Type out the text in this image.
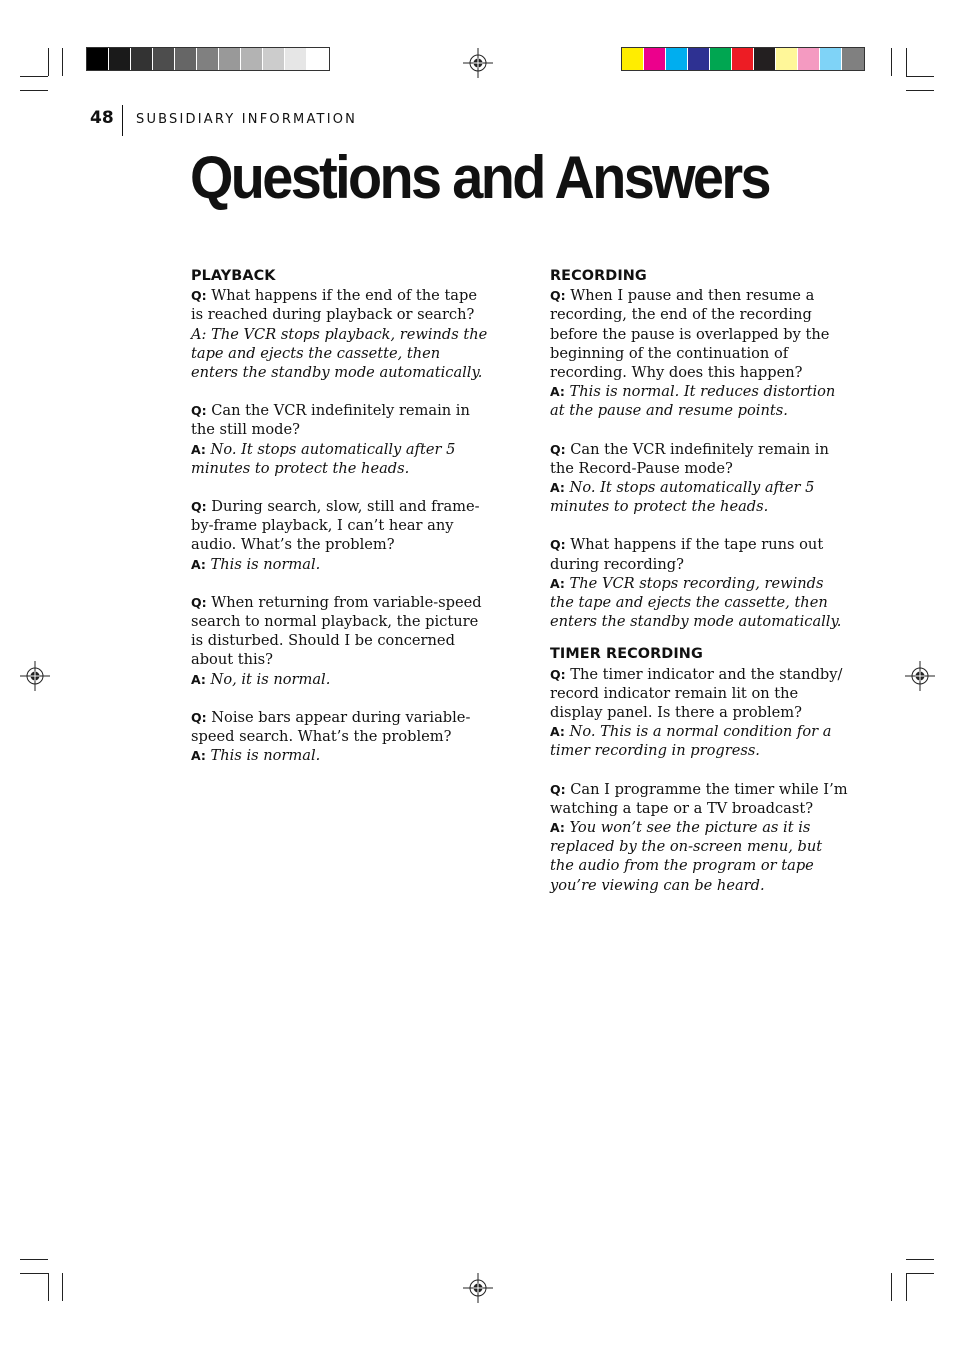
48 SUBSIDIARY INFORMATION
Questions and Answers

PLAYBACK

Q: What happens if the end of the tape is reached during playback or search?

A: The VCR stops playback, rewinds the tape and ejects the cassette, then enters the standby mode automatically.

Q: Can the VCR indefinitely remain in the still mode?

A: No. It stops automatically after 5 minutes to protect the heads.

Q: During search, slow, still and frame-by-frame playback, I can’t hear any audio. What’s the problem?

A: This is normal.

Q: When returning from variable-speed search to normal playback, the picture is disturbed. Should I be concerned about this?

A: No, it is normal.

Q: Noise bars appear during variable-speed search. What’s the problem?

A: This is normal.

RECORDING

Q: When I pause and then resume a recording, the end of the recording before the pause is overlapped by the beginning of the continuation of recording. Why does this happen?

A: This is normal. It reduces distortion at the pause and resume points.

Q: Can the VCR indefinitely remain in the Record-Pause mode?

A: No. It stops automatically after 5 minutes to protect the heads.

Q: What happens if the tape runs out during recording?

A: The VCR stops recording, rewinds the tape and ejects the cassette, then enters the standby mode automatically.

TIMER RECORDING

Q: The timer indicator and the standby/ record indicator remain lit on the display panel. Is there a problem?

A: No. This is a normal condition for a timer recording in progress.

Q: Can I programme the timer while I’m watching a tape or a TV broadcast?

A: You won’t see the picture as it is replaced by the on-screen menu, but the audio from the program or tape you’re viewing can be heard.
